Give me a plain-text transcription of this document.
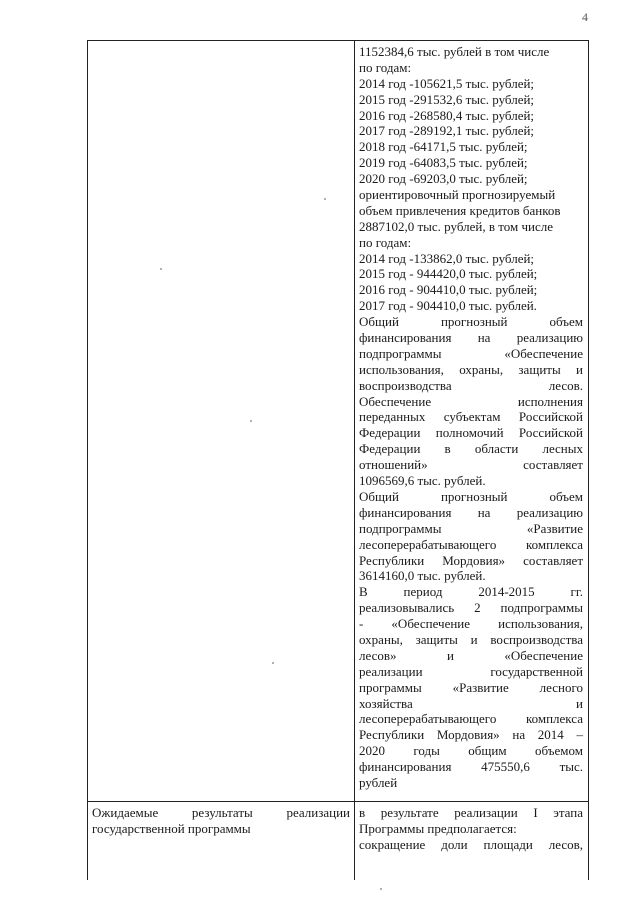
4
1152384,6 тыс. рублей в том числе
по годам:
2014 год -105621,5 тыс. рублей;
2015 год -291532,6 тыс. рублей;
2016 год -268580,4 тыс. рублей;
2017 год -289192,1 тыс. рублей;
2018 год -64171,5 тыс. рублей;
2019 год -64083,5 тыс. рублей;
2020 год -69203,0 тыс. рублей;
ориентировочный прогнозируемый
объем привлечения кредитов банков
2887102,0 тыс. рублей, в том числе
по годам:
2014 год -133862,0 тыс. рублей;
2015 год - 944420,0 тыс. рублей;
2016 год - 904410,0 тыс. рублей;
2017 год - 904410,0 тыс. рублей.
Общий прогнозный объем
финансирования на реализацию
подпрограммы «Обеспечение
использования, охраны, защиты и
воспроизводства лесов.
Обеспечение исполнения
переданных субъектам Российской
Федерации полномочий Российской
Федерации в области лесных
отношений» составляет
1096569,6 тыс. рублей.
Общий прогнозный объем
финансирования на реализацию
подпрограммы «Развитие
лесоперерабатывающего комплекса
Республики Мордовия» составляет
3614160,0 тыс. рублей.
В период 2014-2015 гг.
реализовывались 2 подпрограммы
- «Обеспечение использования,
охраны, защиты и воспроизводства
лесов» и «Обеспечение
реализации государственной
программы «Развитие лесного
хозяйства и
лесоперерабатывающего комплекса
Республики Мордовия» на 2014 –
2020 годы общим объемом
финансирования 475550,6 тыс.
рублей
Ожидаемые результаты реализации
государственной программы
в результате реализации I этапа
Программы предполагается:
сокращение доли площади лесов,
